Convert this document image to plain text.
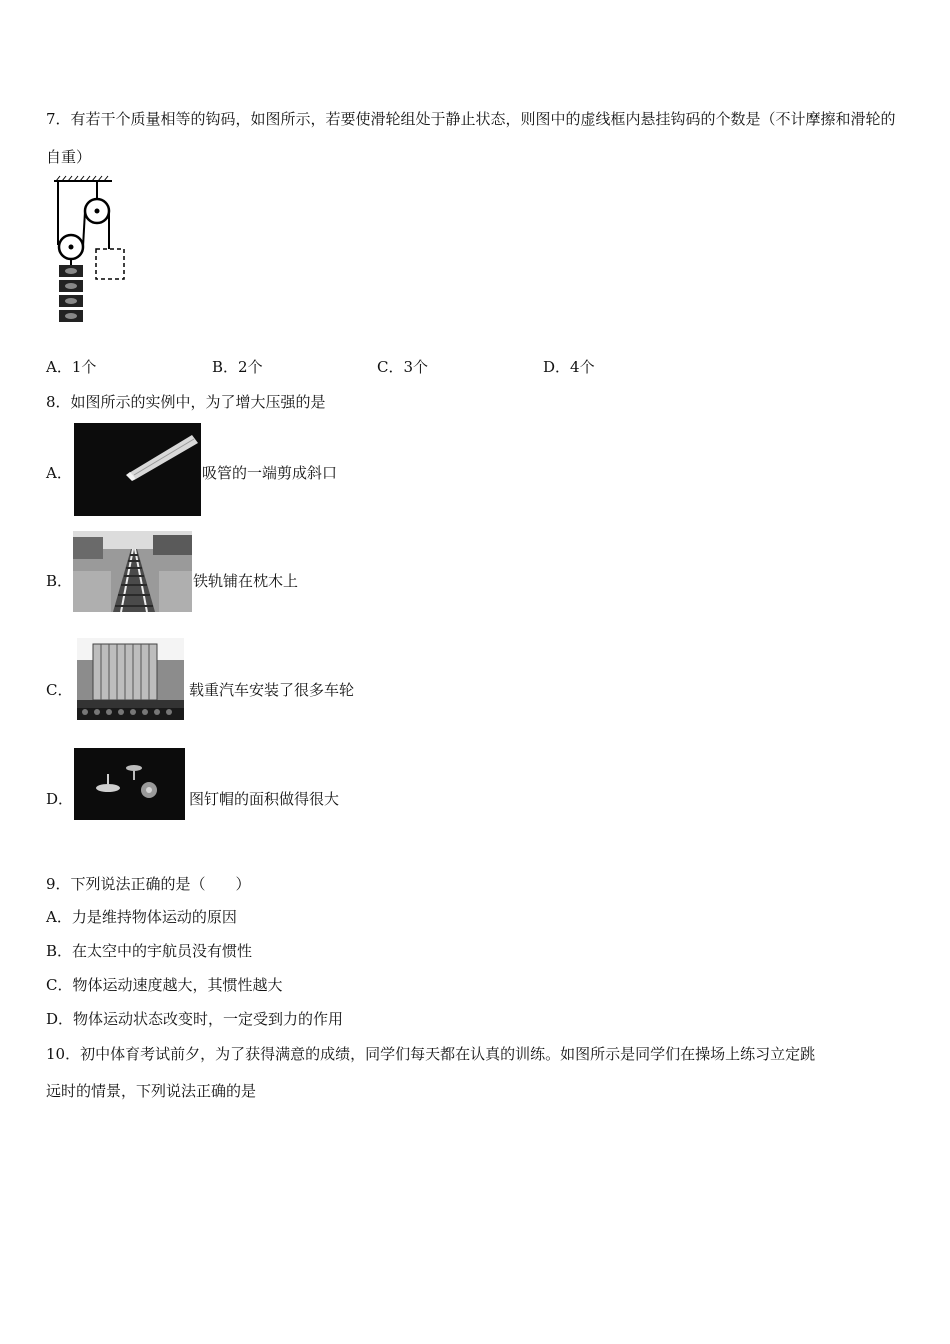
7．有若干个质量相等的钩码，如图所示，若要使滑轮组处于静止状态，则图中的虚线框内悬挂钩码的个数是（不计摩擦和滑轮的自重）
A．1个	B．2个	C．3个	D．4个
8．如图所示的实例中，为了增大压强的是
A．	吸管的一端剪成斜口
B．	铁轨铺在枕木上
C．	载重汽车安装了很多车轮
D．	图钉帽的面积做得很大
9．下列说法正确的是（　　）
A．力是维持物体运动的原因
B．在太空中的宇航员没有惯性
C．物体运动速度越大，其惯性越大
D．物体运动状态改变时，一定受到力的作用
10．初中体育考试前夕，为了获得满意的成绩，同学们每天都在认真的训练。如图所示是同学们在操场上练习立定跳
远时的情景，下列说法正确的是
